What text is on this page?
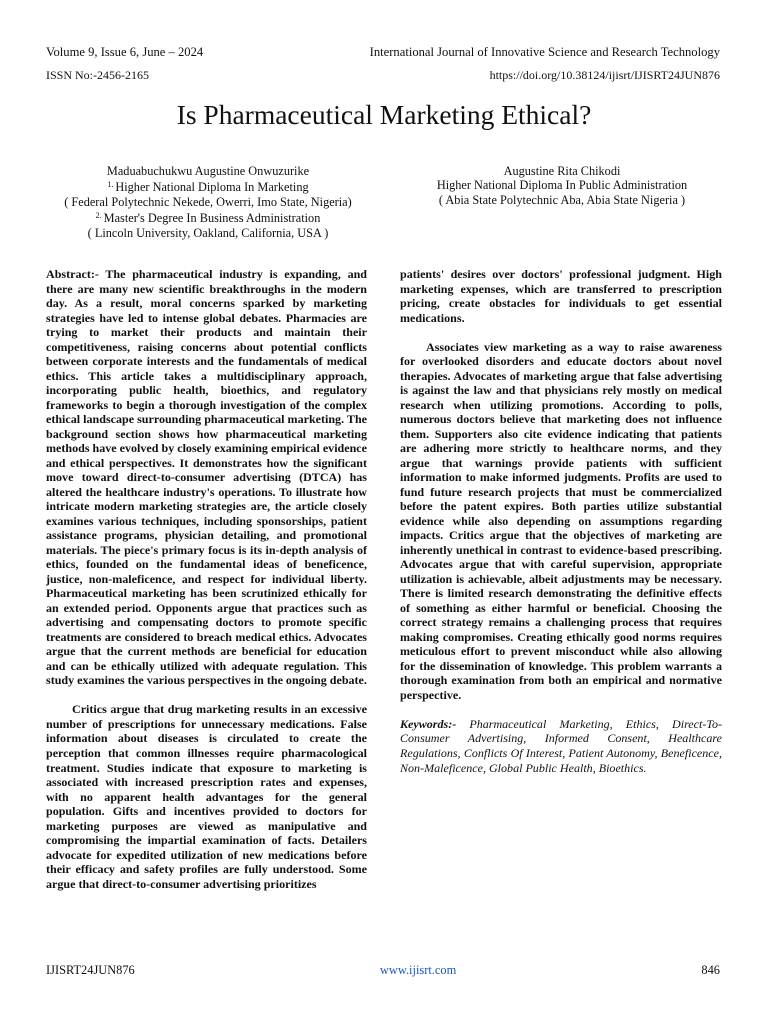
Volume 9, Issue 6, June – 2024	International Journal of Innovative Science and Research Technology
ISSN No:-2456-2165	https://doi.org/10.38124/ijisrt/IJISRT24JUN876
Is Pharmaceutical Marketing Ethical?
Maduabuchukwu Augustine Onwuzurike
$^{1.}$ Higher National Diploma In Marketing
( Federal Polytechnic Nekede, Owerri, Imo State, Nigeria)
$^{2.}$ Master's Degree In Business Administration
( Lincoln University, Oakland, California, USA )
Augustine Rita Chikodi
Higher National Diploma In Public Administration
( Abia State Polytechnic Aba, Abia State Nigeria )

Abstract:- The pharmaceutical industry is expanding, and there are many new scientific breakthroughs in the modern day. As a result, moral concerns sparked by marketing strategies have led to intense global debates. Pharmacies are trying to market their products and maintain their competitiveness, raising concerns about potential conflicts between corporate interests and the fundamentals of medical ethics. This article takes a multidisciplinary approach, incorporating public health, bioethics, and regulatory frameworks to begin a thorough investigation of the complex ethical landscape surrounding pharmaceutical marketing. The background section shows how pharmaceutical marketing methods have evolved by closely examining empirical evidence and ethical perspectives. It demonstrates how the significant move toward direct-to-consumer advertising (DTCA) has altered the healthcare industry's operations. To illustrate how intricate modern marketing strategies are, the article closely examines various techniques, including sponsorships, patient assistance programs, physician detailing, and promotional materials. The piece's primary focus is its in-depth analysis of ethics, founded on the fundamental ideas of beneficence, justice, non-maleficence, and respect for individual liberty. Pharmaceutical marketing has been scrutinized ethically for an extended period. Opponents argue that practices such as advertising and compensating doctors to promote specific treatments are considered to breach medical ethics. Advocates argue that the current methods are beneficial for education and can be ethically utilized with adequate regulation. This study examines the various perspectives in the ongoing debate.

Critics argue that drug marketing results in an excessive number of prescriptions for unnecessary medications. False information about diseases is circulated to create the perception that common illnesses require pharmacological treatment. Studies indicate that exposure to marketing is associated with increased prescription rates and expenses, with no apparent health advantages for the general population. Gifts and incentives provided to doctors for marketing purposes are viewed as manipulative and compromising the impartial examination of facts. Detailers advocate for expedited utilization of new medications before their efficacy and safety profiles are fully understood. Some argue that direct-to-consumer advertising prioritizes

patients' desires over doctors' professional judgment. High marketing expenses, which are transferred to prescription pricing, create obstacles for individuals to get essential medications.

Associates view marketing as a way to raise awareness for overlooked disorders and educate doctors about novel therapies. Advocates of marketing argue that false advertising is against the law and that physicians rely mostly on medical research when utilizing promotions. According to polls, numerous doctors believe that marketing does not influence them. Supporters also cite evidence indicating that patients are adhering more strictly to healthcare norms, and they argue that warnings provide patients with sufficient information to make informed judgments. Profits are used to fund future research projects that must be commercialized before the patent expires. Both parties utilize substantial evidence while also depending on assumptions regarding impacts. Critics argue that the objectives of marketing are inherently unethical in contrast to evidence-based prescribing. Advocates argue that with careful supervision, appropriate utilization is achievable, albeit adjustments may be necessary. There is limited research demonstrating the definitive effects of something as either harmful or beneficial. Choosing the correct strategy remains a challenging process that requires making compromises. Creating ethically good norms requires meticulous effort to prevent misconduct while also allowing for the dissemination of knowledge. This problem warrants a thorough examination from both an empirical and normative perspective.

Keywords:- Pharmaceutical Marketing, Ethics, Direct-To-Consumer Advertising, Informed Consent, Healthcare Regulations, Conflicts Of Interest, Patient Autonomy, Beneficence, Non-Maleficence, Global Public Health, Bioethics.

IJISRT24JUN876	www.ijisrt.com	846
